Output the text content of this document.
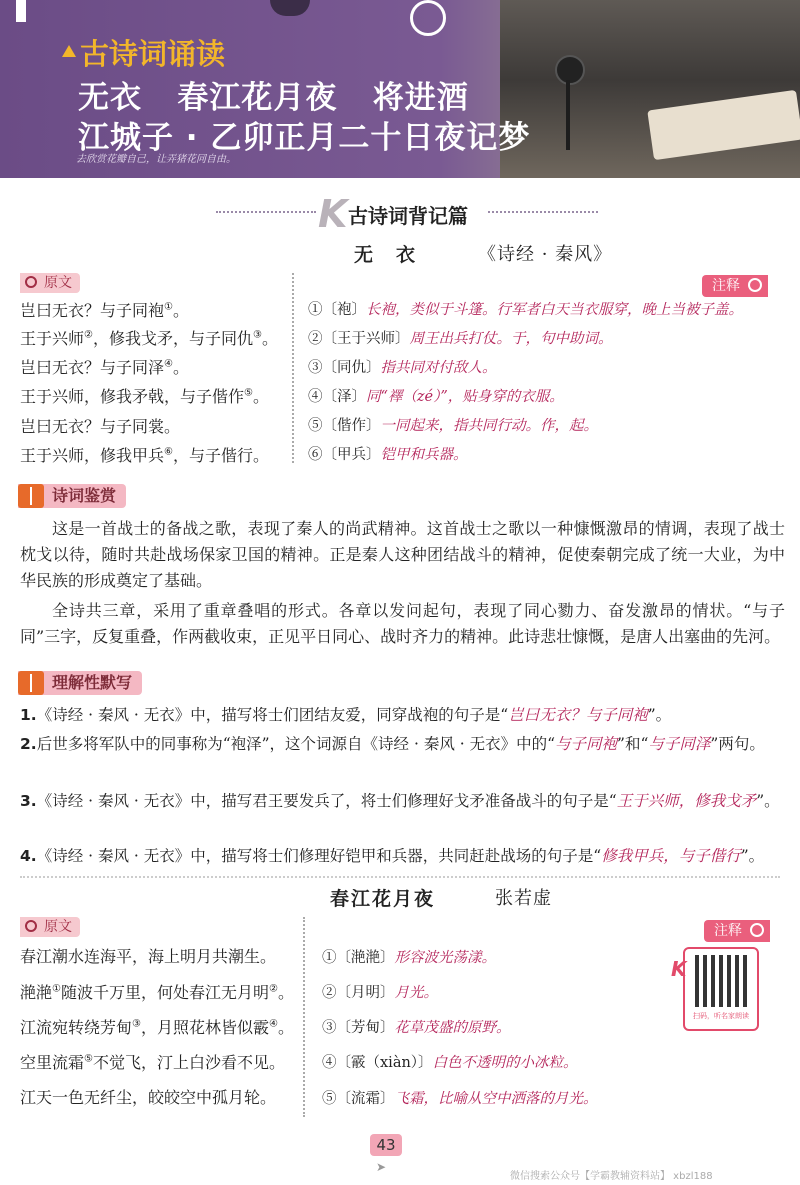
古诗词诵读
无衣   春江花月夜   将进酒
江城子 · 乙卯正月二十日夜记梦
去欣赏花瓣自己，让弄猪花同自由。
K 古诗词背记篇
无　衣	《诗经 · 秦风》
原文	注释
岂曰无衣？与子同袍①。
王于兴师②，修我戈矛，与子同仇③。
岂曰无衣？与子同泽④。
王于兴师，修我矛戟，与子偕作⑤。
岂曰无衣？与子同裳。
王于兴师，修我甲兵⑥，与子偕行。
①〔袍〕长袍，类似于斗篷。行军者白天当衣服穿，晚上当被子盖。
②〔王于兴师〕周王出兵打仗。于，句中助词。
③〔同仇〕指共同对付敌人。
④〔泽〕同“襗（zé）”，贴身穿的衣服。
⑤〔偕作〕一同起来，指共同行动。作，起。
⑥〔甲兵〕铠甲和兵器。
诗词鉴赏
这是一首战士的备战之歌，表现了秦人的尚武精神。这首战士之歌以一种慷慨激昂的情调，表现了战士枕戈以待，随时共赴战场保家卫国的精神。正是秦人这种团结战斗的精神，促使秦朝完成了统一大业，为中华民族的形成奠定了基础。
全诗共三章，采用了重章叠唱的形式。各章以发问起句，表现了同心勠力、奋发激昂的情状。“与子同”三字，反复重叠，作两截收束，正见平日同心、战时齐力的精神。此诗悲壮慷慨，是唐人出塞曲的先河。
理解性默写
1.《诗经 · 秦风 · 无衣》中，描写将士们团结友爱，同穿战袍的句子是“岂曰无衣？与子同袍”。
2.后世多将军队中的同事称为“袍泽”，这个词源自《诗经 · 秦风 · 无衣》中的“与子同袍”和“与子同泽”两句。
3.《诗经 · 秦风 · 无衣》中，描写君王要发兵了，将士们修理好戈矛准备战斗的句子是“王于兴师，修我戈矛”。
4.《诗经 · 秦风 · 无衣》中，描写将士们修理好铠甲和兵器，共同赶赴战场的句子是“修我甲兵，与子偕行”。
春江花月夜	张若虚
原文	注释
春江潮水连海平，海上明月共潮生。
滟滟①随波千万里，何处春江无月明②。
江流宛转绕芳甸③，月照花林皆似霰④。
空里流霜⑤不觉飞，汀上白沙看不见。
江天一色无纤尘，皎皎空中孤月轮。
①〔滟滟〕形容波光荡漾。
②〔月明〕月光。
③〔芳甸〕花草茂盛的原野。
④〔霰（xiàn）〕白色不透明的小冰粒。
⑤〔流霜〕飞霜，比喻从空中洒落的月光。
K
扫码，听名家朗读
43
➤
微信搜索公众号【学霸教辅资料站】 xbzl188
